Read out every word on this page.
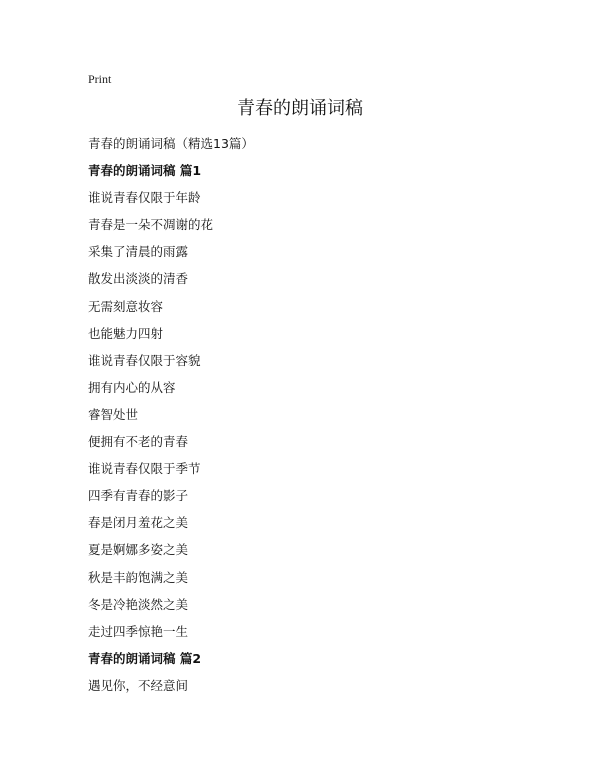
Print
青春的朗诵词稿
青春的朗诵词稿（精选13篇）
青春的朗诵词稿 篇1
谁说青春仅限于年龄
青春是一朵不凋谢的花
采集了清晨的雨露
散发出淡淡的清香
无需刻意妆容
也能魅力四射
谁说青春仅限于容貌
拥有内心的从容
睿智处世
便拥有不老的青春
谁说青春仅限于季节
四季有青春的影子
春是闭月羞花之美
夏是婀娜多姿之美
秋是丰韵饱满之美
冬是冷艳淡然之美
走过四季惊艳一生
青春的朗诵词稿 篇2
遇见你，不经意间
